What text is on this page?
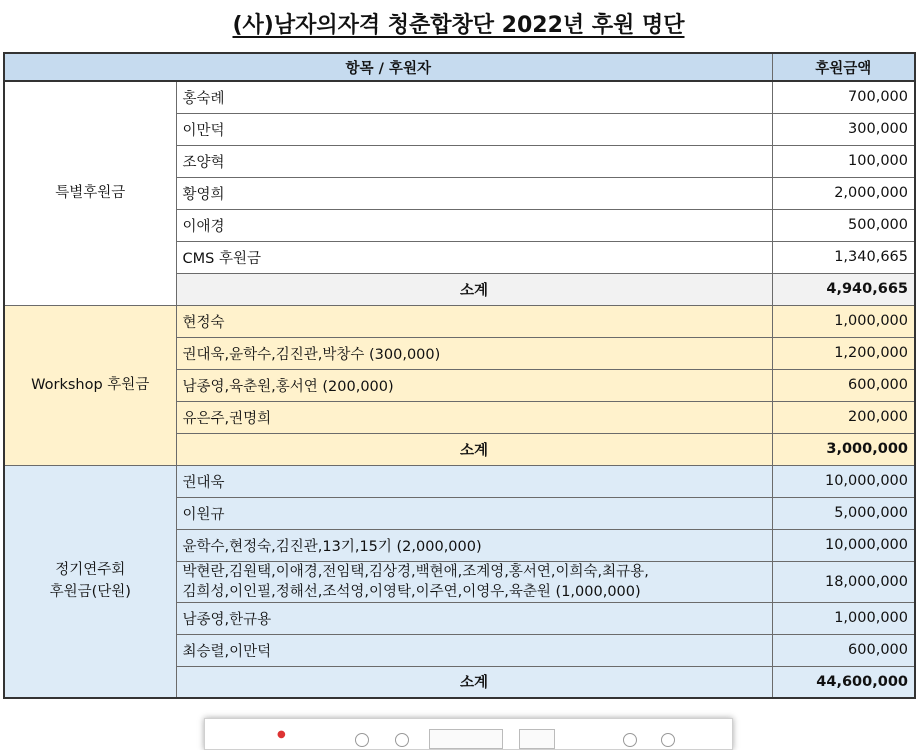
(사)남자의자격 청춘합창단 2022년 후원 명단
항목 / 후원자		후원금액
특별후원금	홍숙례	700,000
	이만덕	300,000
	조양혁	100,000
	황영희	2,000,000
	이애경	500,000
	CMS 후원금	1,340,665
	소계	4,940,665
Workshop 후원금	현정숙	1,000,000
	권대욱,윤학수,김진관,박창수 (300,000)	1,200,000
	남종영,육춘원,홍서연 (200,000)	600,000
	유은주,권명희	200,000
	소계	3,000,000
정기연주회
후원금(단원)	권대욱	10,000,000
	이원규	5,000,000
	윤학수,현정숙,김진관,13기,15기 (2,000,000)	10,000,000
	박현란,김원택,이애경,전임택,김상경,백현애,조계영,홍서연,이희숙,최규용,
김희성,이인필,정해선,조석영,이영탁,이주연,이영우,육춘원 (1,000,000)	18,000,000
	남종영,한규용	1,000,000
	최승렬,이만덕	600,000
	소계	44,600,000
●
